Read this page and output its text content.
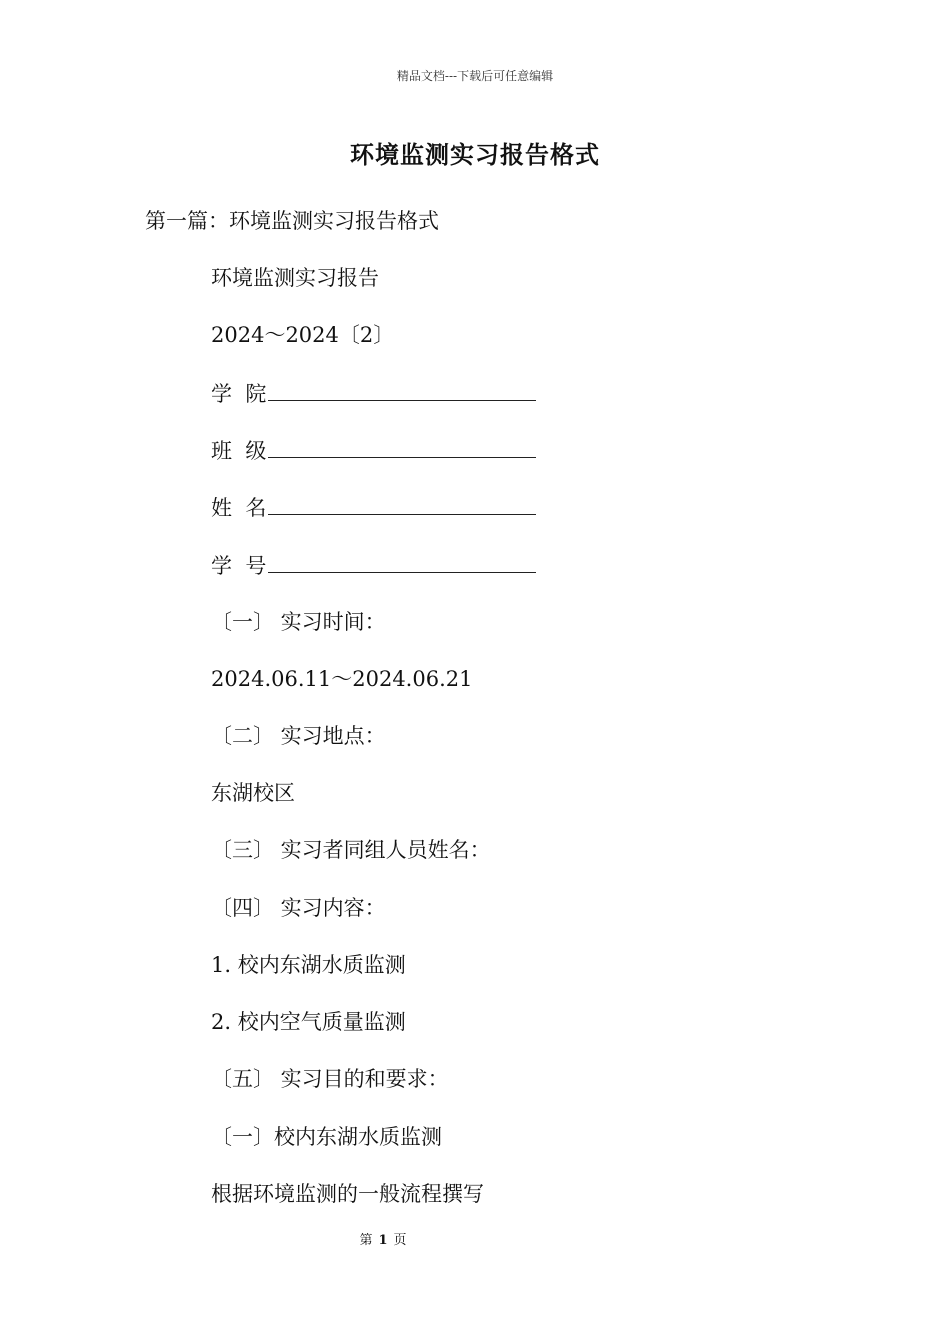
精品文档---下载后可任意编辑
环境监测实习报告格式
第一篇：环境监测实习报告格式
环境监测实习报告
2024～2024〔2〕
学  院
班  级
姓  名
学  号
〔一〕 实习时间：
2024.06.11～2024.06.21
〔二〕 实习地点：
东湖校区
〔三〕 实习者同组人员姓名：
〔四〕 实习内容：
1. 校内东湖水质监测
2. 校内空气质量监测
〔五〕 实习目的和要求：
〔一〕校内东湖水质监测
根据环境监测的一般流程撰写
第 1 页
